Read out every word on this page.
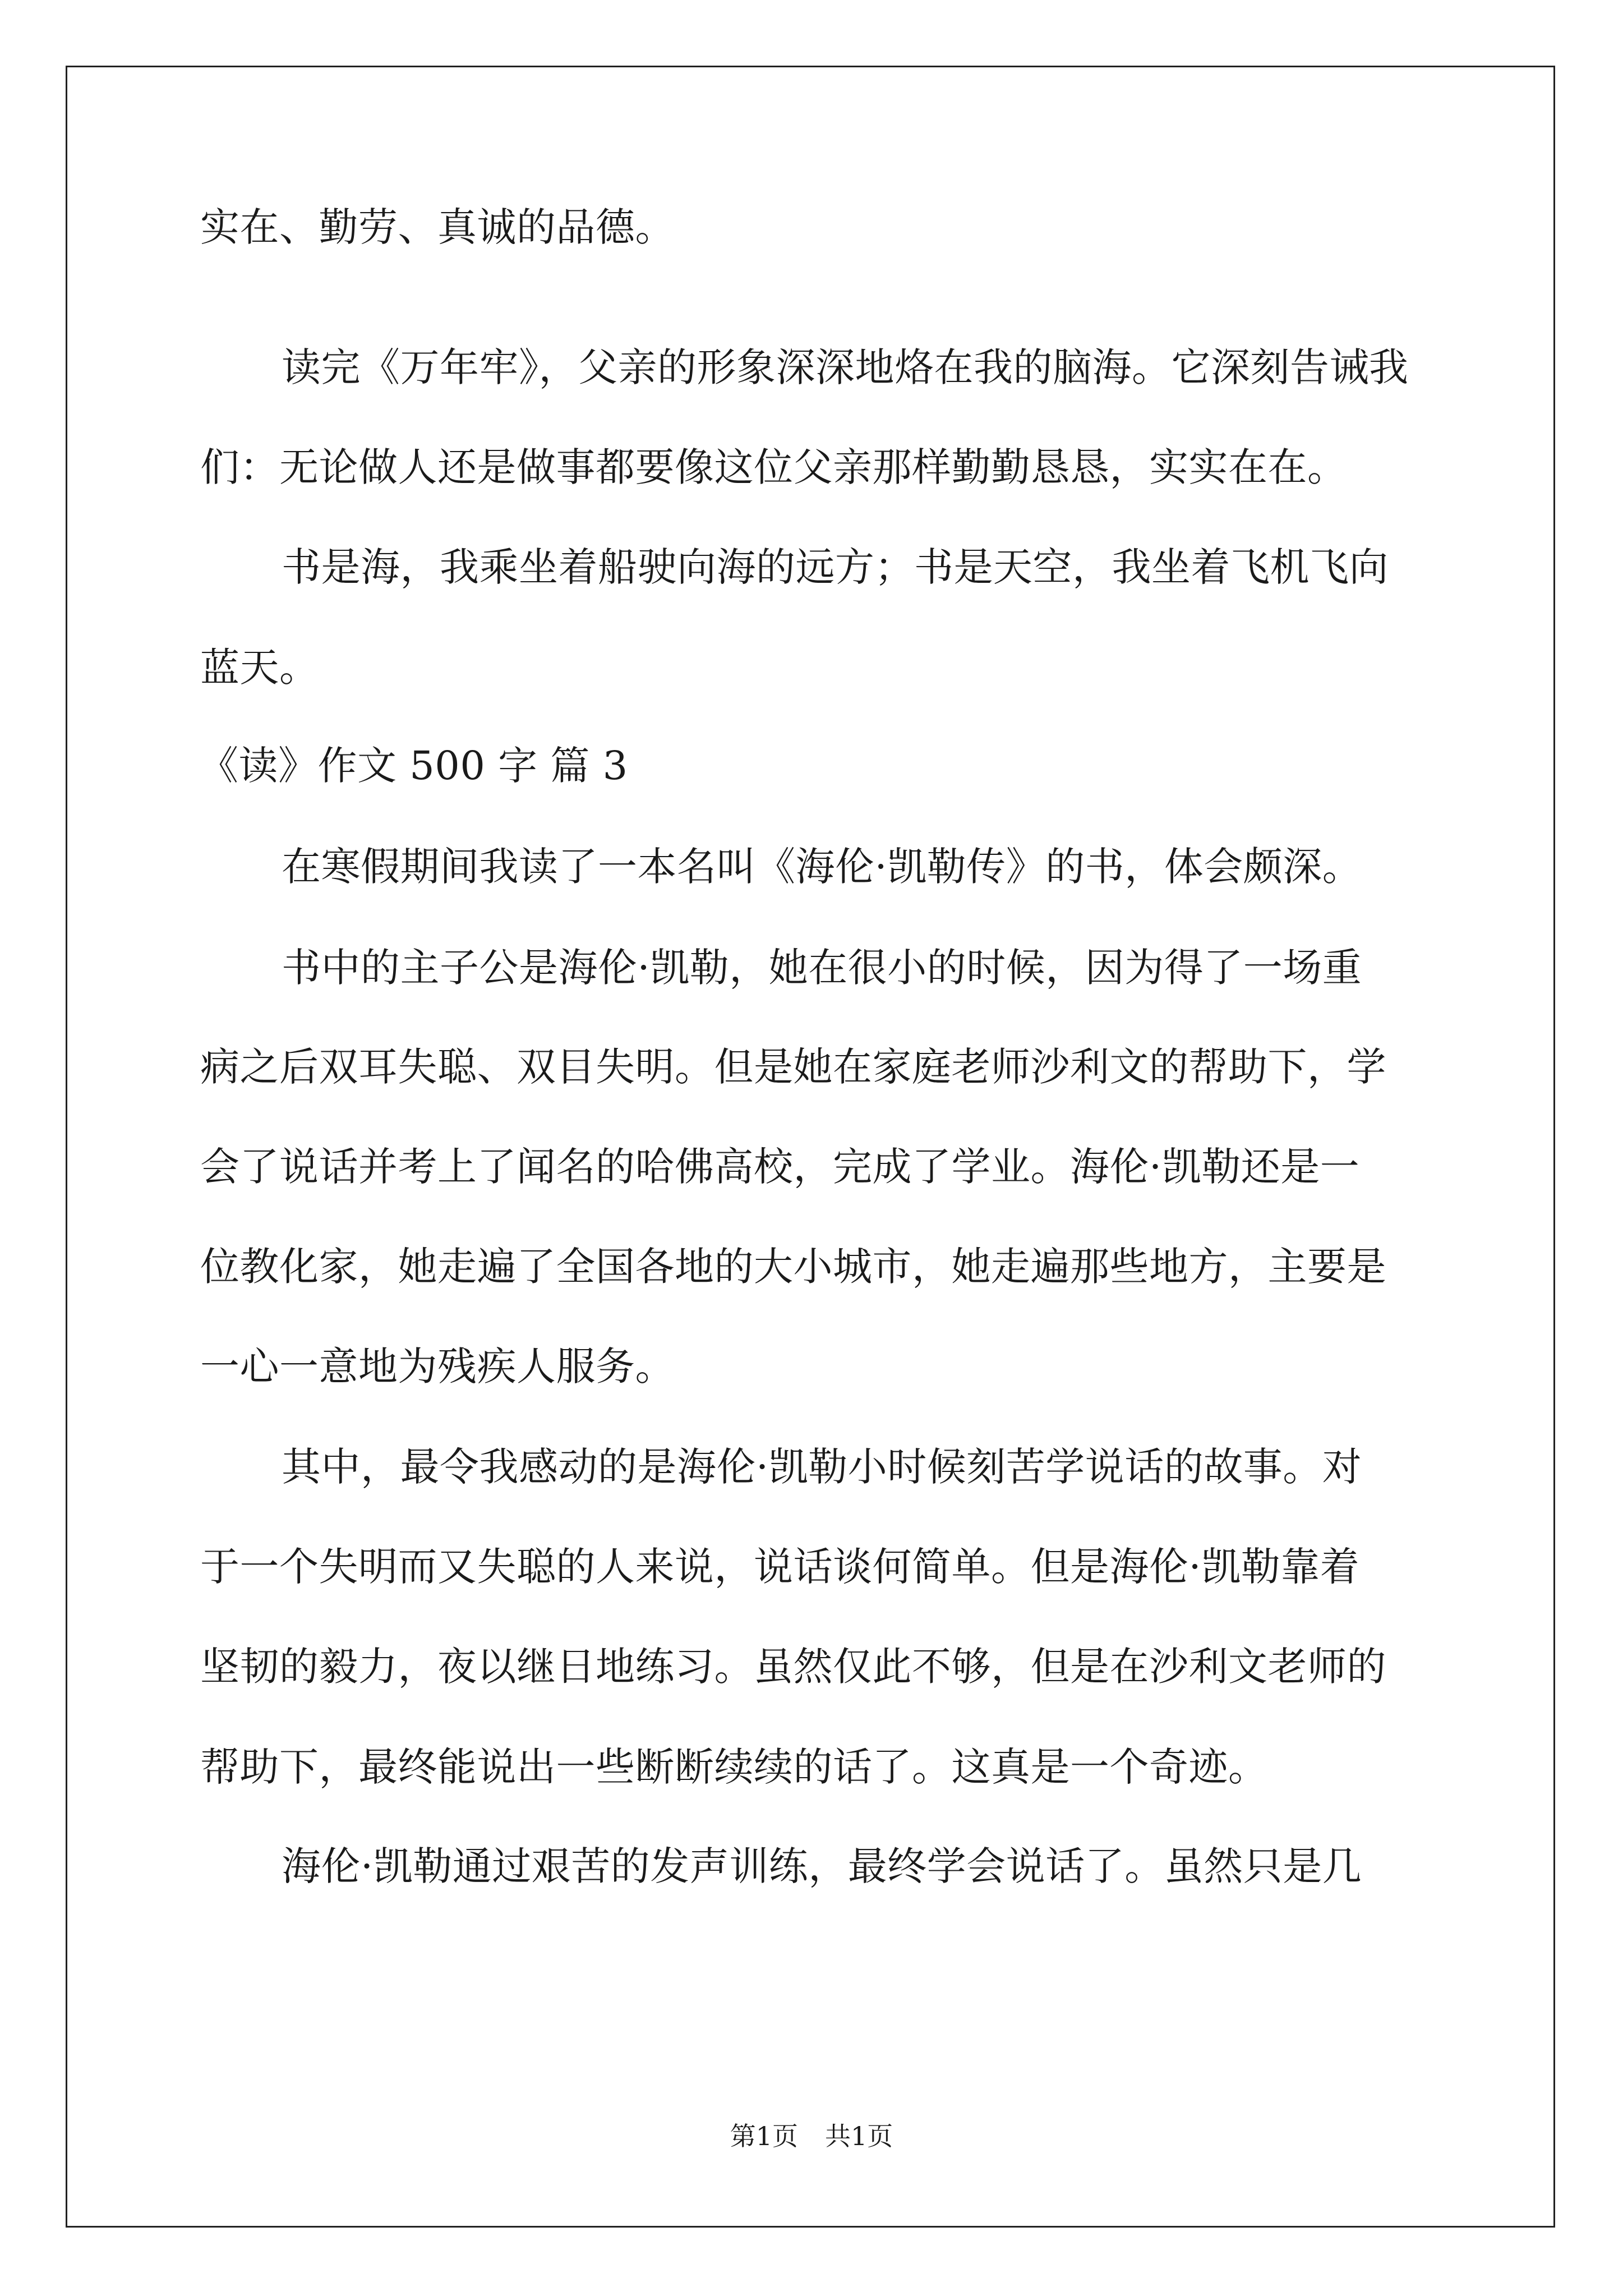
实在、勤劳、真诚的品德。
读完《万年牢》，父亲的形象深深地烙在我的脑海。它深刻告诫我
们：无论做人还是做事都要像这位父亲那样勤勤恳恳，实实在在。
书是海，我乘坐着船驶向海的远方；书是天空，我坐着飞机飞向
蓝天。
《读》作文 500 字 篇 3
在寒假期间我读了一本名叫《海伦·凯勒传》的书，体会颇深。
书中的主子公是海伦·凯勒，她在很小的时候，因为得了一场重
病之后双耳失聪、双目失明。但是她在家庭老师沙利文的帮助下，学
会了说话并考上了闻名的哈佛高校，完成了学业。海伦·凯勒还是一
位教化家，她走遍了全国各地的大小城市，她走遍那些地方，主要是
一心一意地为残疾人服务。
其中，最令我感动的是海伦·凯勒小时候刻苦学说话的故事。对
于一个失明而又失聪的人来说，说话谈何简单。但是海伦·凯勒靠着
坚韧的毅力，夜以继日地练习。虽然仅此不够，但是在沙利文老师的
帮助下，最终能说出一些断断续续的话了。这真是一个奇迹。
海伦·凯勒通过艰苦的发声训练，最终学会说话了。虽然只是几
第1页 共1页
